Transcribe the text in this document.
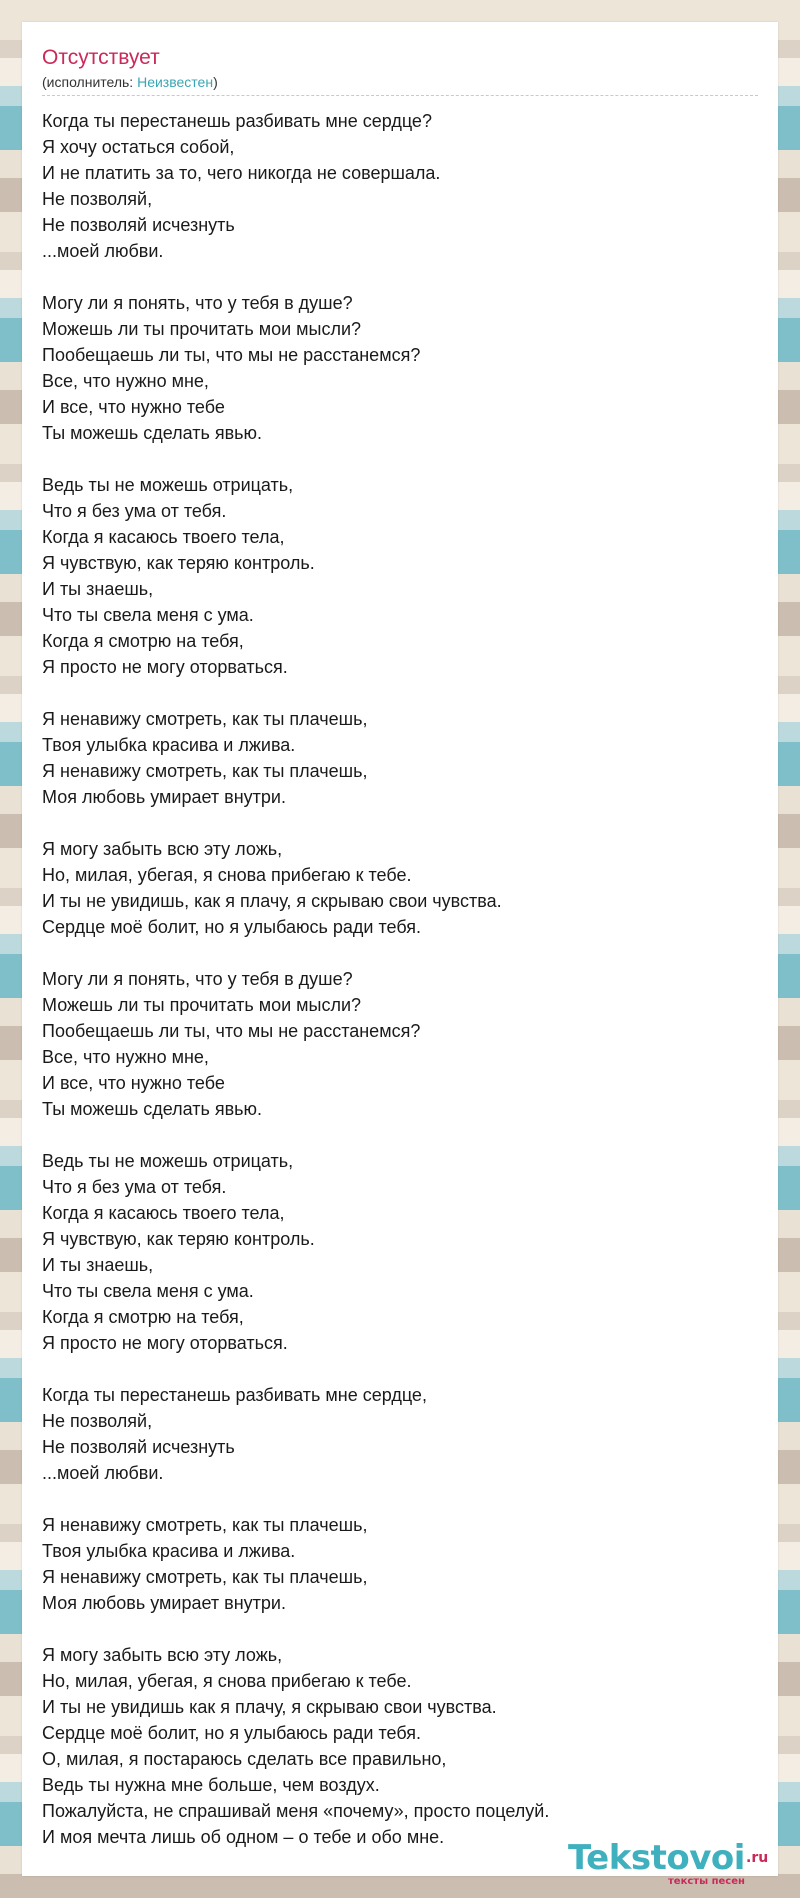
Отсутствует
(исполнитель: Неизвестен)
Когда ты перестанешь разбивать мне сердце?
Я хочу остаться собой,
И не платить за то, чего никогда не совершала.
Не позволяй,
Не позволяй исчезнуть
...моей любви.
Могу ли я понять, что у тебя в душе?
Можешь ли ты прочитать мои мысли?
Пообещаешь ли ты, что мы не расстанемся?
Все, что нужно мне,
И все, что нужно тебе
Ты можешь сделать явью.
Ведь ты не можешь отрицать,
Что я без ума от тебя.
Когда я касаюсь твоего тела,
Я чувствую, как теряю контроль.
И ты знаешь,
Что ты свела меня с ума.
Когда я смотрю на тебя,
Я просто не могу оторваться.
Я ненавижу смотреть, как ты плачешь,
Твоя улыбка красива и лжива.
Я ненавижу смотреть, как ты плачешь,
Моя любовь умирает внутри.
Я могу забыть всю эту ложь,
Но, милая, убегая, я снова прибегаю к тебе.
И ты не увидишь, как я плачу, я скрываю свои чувства.
Сердце моё болит, но я улыбаюсь ради тебя.
Могу ли я понять, что у тебя в душе?
Можешь ли ты прочитать мои мысли?
Пообещаешь ли ты, что мы не расстанемся?
Все, что нужно мне,
И все, что нужно тебе
Ты можешь сделать явью.
Ведь ты не можешь отрицать,
Что я без ума от тебя.
Когда я касаюсь твоего тела,
Я чувствую, как теряю контроль.
И ты знаешь,
Что ты свела меня с ума.
Когда я смотрю на тебя,
Я просто не могу оторваться.
Когда ты перестанешь разбивать мне сердце,
Не позволяй,
Не позволяй исчезнуть
...моей любви.
Я ненавижу смотреть, как ты плачешь,
Твоя улыбка красива и лжива.
Я ненавижу смотреть, как ты плачешь,
Моя любовь умирает внутри.
Я могу забыть всю эту ложь,
Но, милая, убегая, я снова прибегаю к тебе.
И ты не увидишь как я плачу, я скрываю свои чувства.
Сердце моё болит, но я улыбаюсь ради тебя.
О, милая, я постараюсь сделать все правильно,
Ведь ты нужна мне больше, чем воздух.
Пожалуйста, не спрашивай меня «почему», просто поцелуй.
И моя мечта лишь об одном – о тебе и обо мне.
Tekstovoi .ru
тексты песен
